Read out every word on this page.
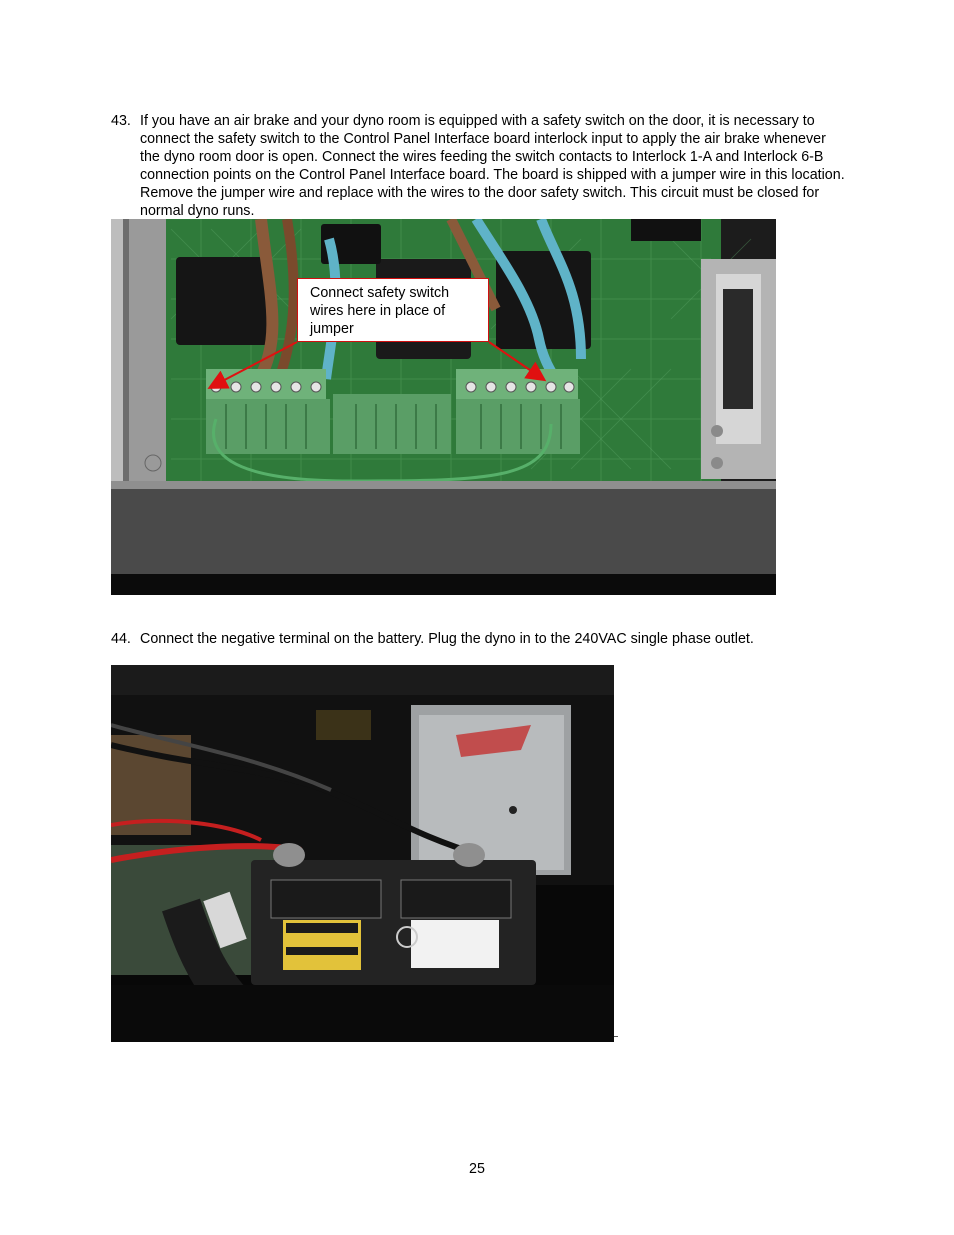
43. If you have an air brake and your dyno room is equipped with a safety switch on the door, it is necessary to connect the safety switch to the Control Panel Interface board interlock input to apply the air brake whenever the dyno room door is open. Connect the wires feeding the switch contacts to Interlock 1-A and Interlock 6-B connection points on the Control Panel Interface board. The board is shipped with a jumper wire in this location. Remove the jumper wire and replace with the wires to the door safety switch. This circuit must be closed for normal dyno runs.
Connect safety switch wires here in place of jumper
44. Connect the negative terminal on the battery. Plug the dyno in to the 240VAC single phase outlet.
25
